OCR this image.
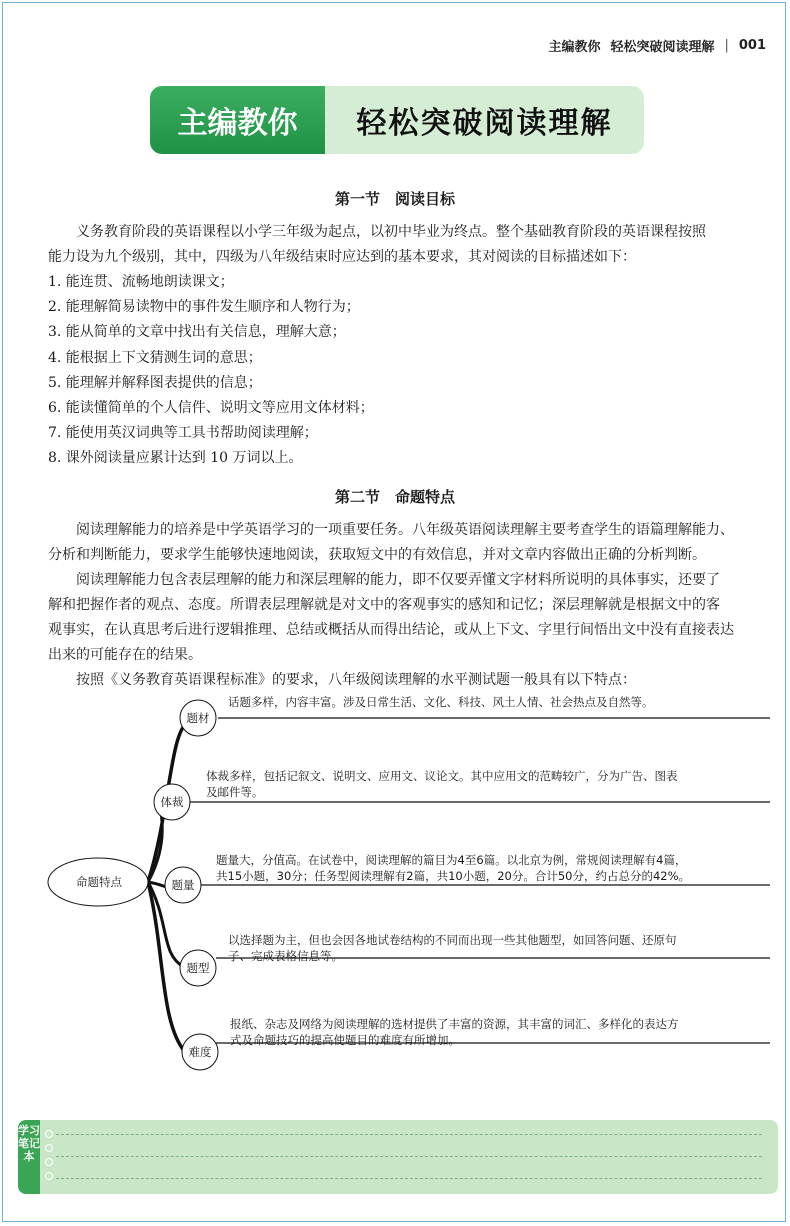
主编教你 轻松突破阅读理解 | 001
主编教你	轻松突破阅读理解
第一节　阅读目标

义务教育阶段的英语课程以小学三年级为起点，以初中毕业为终点。整个基础教育阶段的英语课程按照

能力设为九个级别，其中，四级为八年级结束时应达到的基本要求，其对阅读的目标描述如下：

1. 能连贯、流畅地朗读课文；
2. 能理解简易读物中的事件发生顺序和人物行为；
3. 能从简单的文章中找出有关信息，理解大意；
4. 能根据上下文猜测生词的意思；
5. 能理解并解释图表提供的信息；
6. 能读懂简单的个人信件、说明文等应用文体材料；
7. 能使用英汉词典等工具书帮助阅读理解；
8. 课外阅读量应累计达到 10 万词以上。
第二节　命题特点

阅读理解能力的培养是中学英语学习的一项重要任务。八年级英语阅读理解主要考查学生的语篇理解能力、

分析和判断能力，要求学生能够快速地阅读，获取短文中的有效信息，并对文章内容做出正确的分析判断。

阅读理解能力包含表层理解的能力和深层理解的能力，即不仅要弄懂文字材料所说明的具体事实，还要了

解和把握作者的观点、态度。所谓表层理解就是对文中的客观事实的感知和记忆；深层理解就是根据文中的客

观事实，在认真思考后进行逻辑推理、总结或概括从而得出结论，或从上下文、字里行间悟出文中没有直接表达

出来的可能存在的结果。

按照《义务教育英语课程标准》的要求，八年级阅读理解的水平测试题一般具有以下特点：

命题特点
题材
话题多样，内容丰富。涉及日常生活、文化、科技、风土人情、社会热点及自然等。
体裁
体裁多样，包括记叙文、说明文、应用文、议论文。其中应用文的范畴较广，分为广告、图表
及邮件等。
题量
题量大，分值高。在试卷中，阅读理解的篇目为4至6篇。以北京为例，常规阅读理解有4篇，
共15小题，30分；任务型阅读理解有2篇，共10小题，20分。合计50分，约占总分的42%。
题型
以选择题为主，但也会因各地试卷结构的不同而出现一些其他题型，如回答问题、还原句
子、完成表格信息等。
难度
报纸、杂志及网络为阅读理解的选材提供了丰富的资源，其丰富的词汇、多样化的表达方
式及命题技巧的提高使题目的难度有所增加。
学习笔记本
